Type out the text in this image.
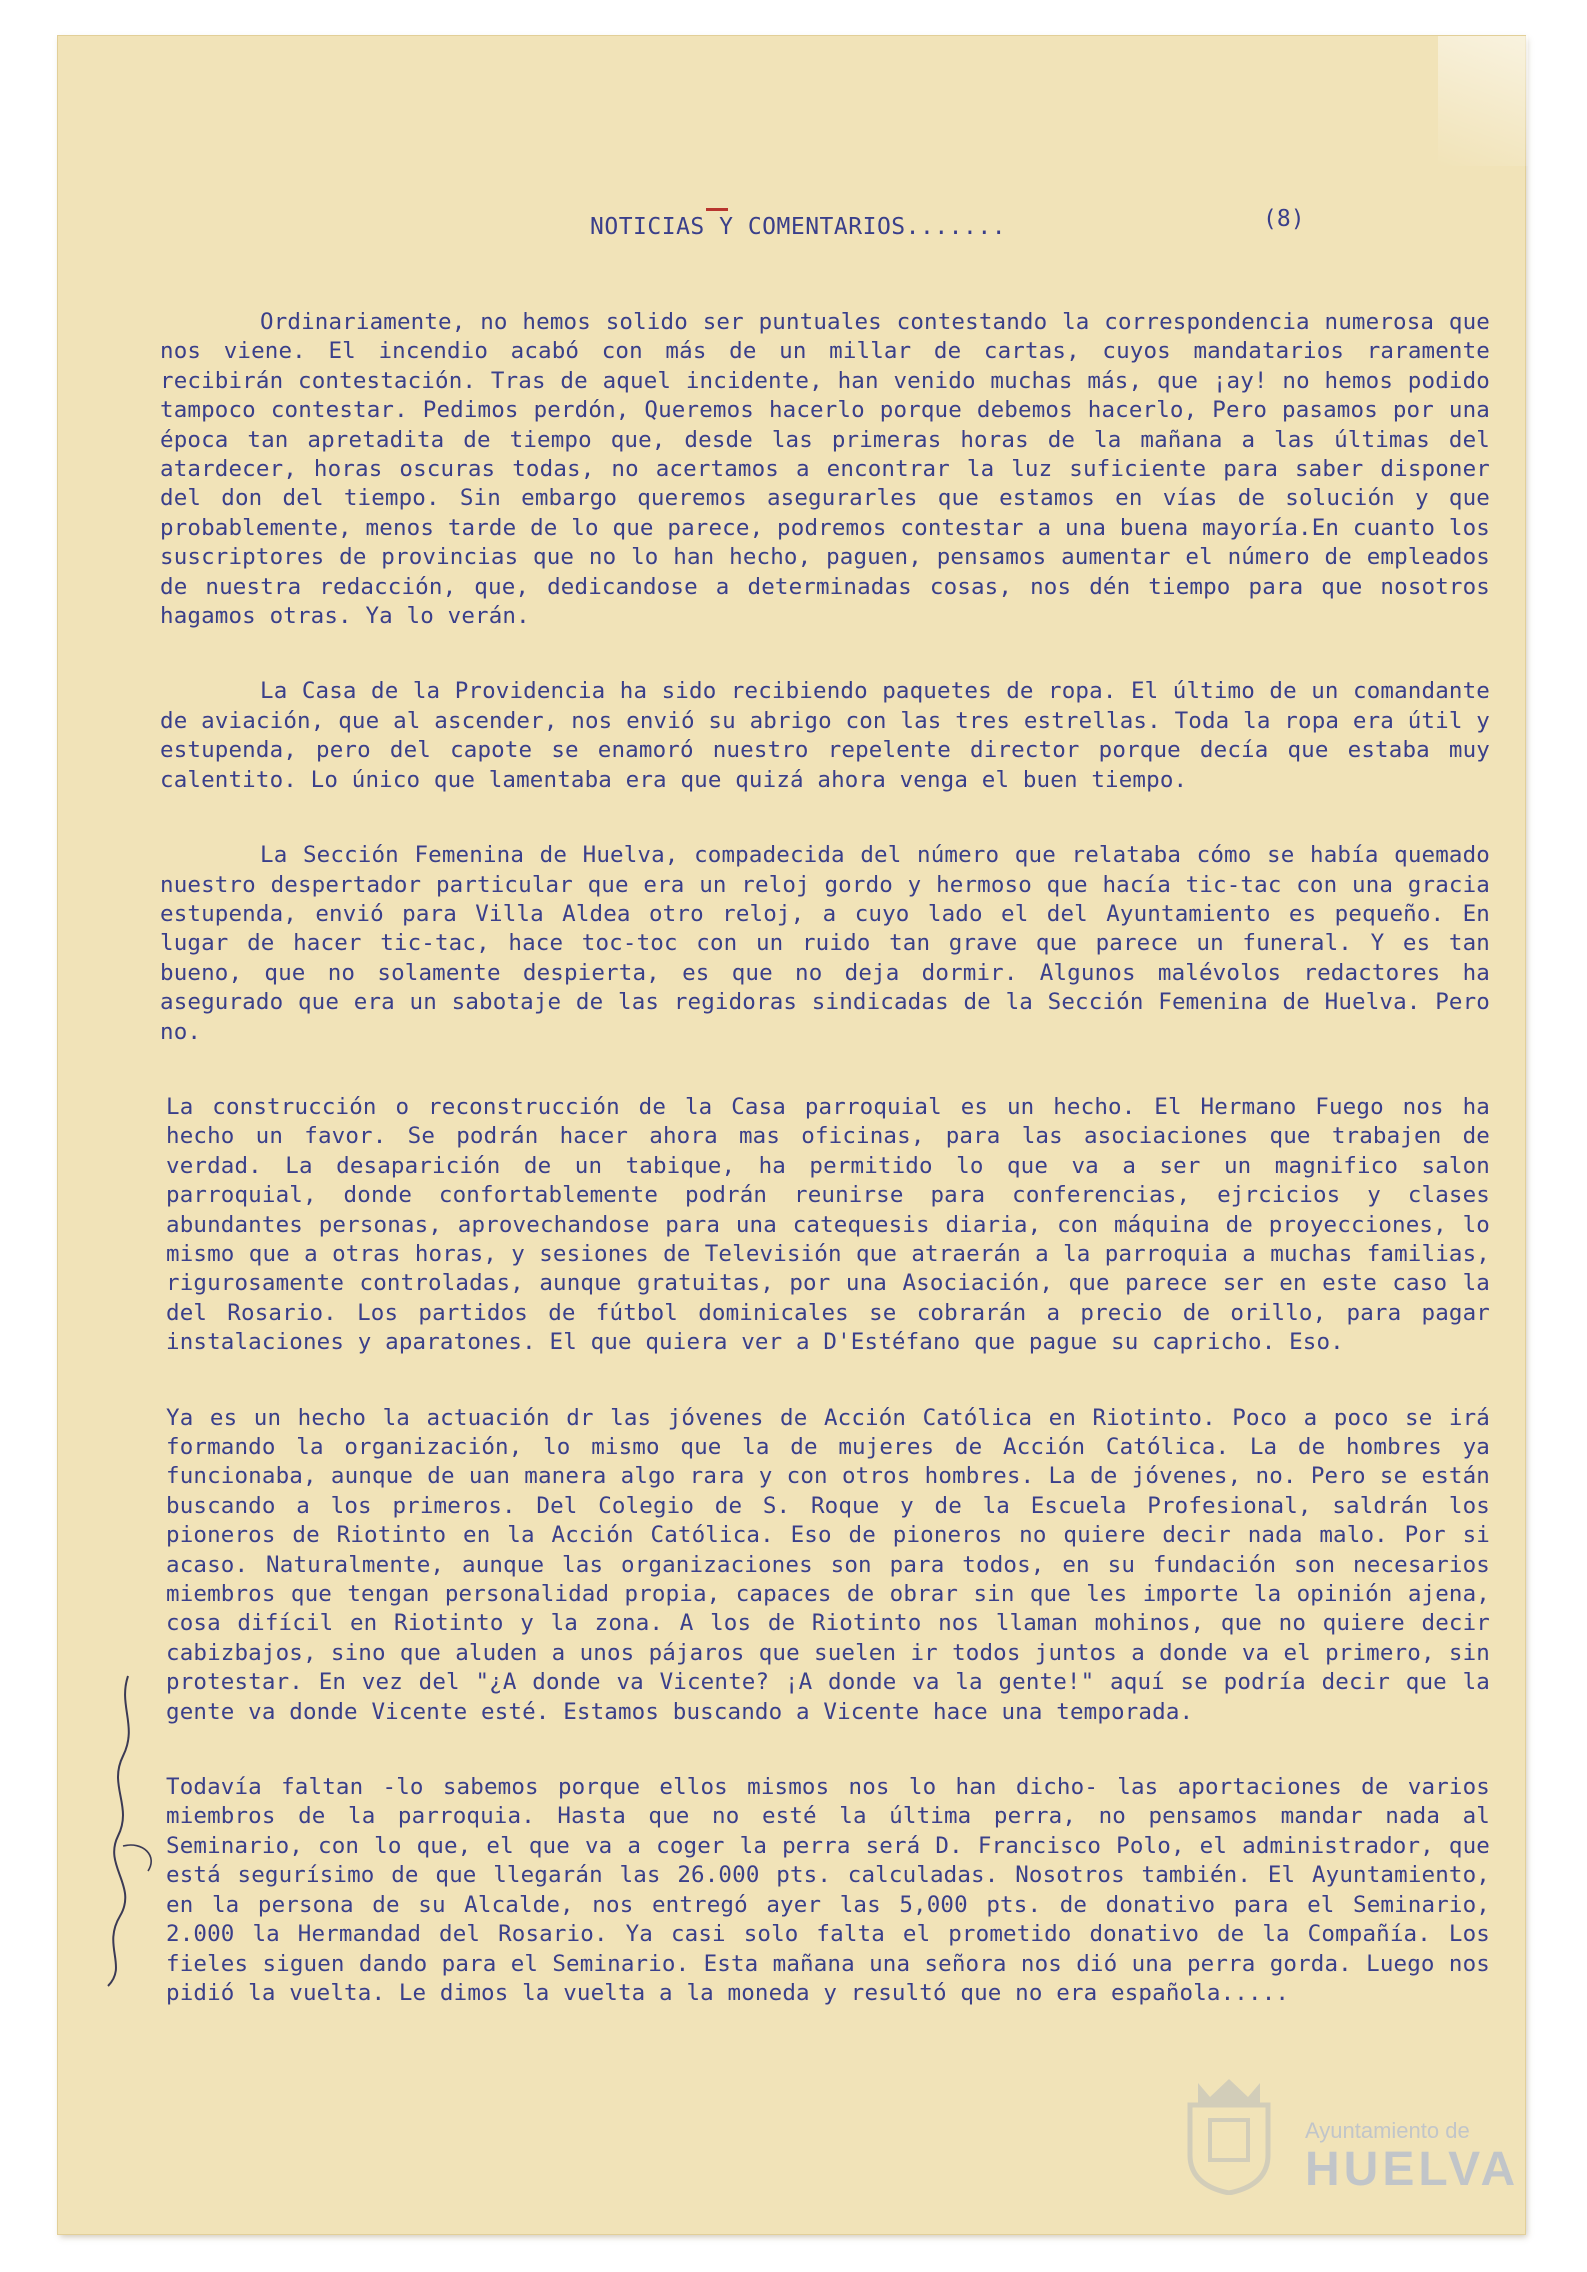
NOTICIAS Y COMENTARIOS.......	(8)

Ordinariamente, no hemos solido ser puntuales contestando la correspondencia numerosa que nos viene. El incendio acabó con más de un millar de cartas, cuyos mandatarios raramente recibirán contestación. Tras de aquel incidente, han venido muchas más, que ¡ay! no hemos podido tampoco contestar. Pedimos perdón, Queremos hacerlo porque debemos hacerlo, Pero pasamos por una época tan apretadita de tiempo que, desde las primeras horas de la mañana a las últimas del atardecer, horas oscuras todas, no acertamos a encontrar la luz suficiente para saber disponer del don del tiempo. Sin embargo queremos asegurarles que estamos en vías de solución y que probablemente, menos tarde de lo que parece, podremos contestar a una buena mayoría.En cuanto los suscriptores de provincias que no lo han hecho, paguen, pensamos aumentar el número de empleados de nuestra redacción, que, dedicandose a determinadas cosas, nos dén tiempo para que nosotros hagamos otras. Ya lo verán.

La Casa de la Providencia ha sido recibiendo paquetes de ropa. El último de un comandante de aviación, que al ascender, nos envió su abrigo con las tres estrellas. Toda la ropa era útil y estupenda, pero del capote se enamoró nuestro repelente director porque decía que estaba muy calentito. Lo único que lamentaba era que quizá ahora venga el buen tiempo.

La Sección Femenina de Huelva, compadecida del número que relataba cómo se había quemado nuestro despertador particular que era un reloj gordo y hermoso que hacía tic-tac con una gracia estupenda, envió para Villa Aldea otro reloj, a cuyo lado el del Ayuntamiento es pequeño. En lugar de hacer tic-tac, hace toc-toc con un ruido tan grave que parece un funeral. Y es tan bueno, que no solamente despierta, es que no deja dormir. Algunos malévolos redactores ha asegurado que era un sabotaje de las regidoras sindicadas de la Sección Femenina de Huelva. Pero no.

La construcción o reconstrucción de la Casa parroquial es un hecho. El Hermano Fuego nos ha hecho un favor. Se podrán hacer ahora mas oficinas, para las asociaciones que trabajen de verdad. La desaparición de un tabique, ha permitido lo que va a ser un magnifico salon parroquial, donde confortablemente podrán reunirse para conferencias, ejrcicios y clases abundantes personas, aprovechandose para una catequesis diaria, con máquina de proyecciones, lo mismo que a otras horas, y sesiones de Televisión que atraerán a la parroquia a muchas familias, rigurosamente controladas, aunque gratuitas, por una Asociación, que parece ser en este caso la del Rosario. Los partidos de fútbol dominicales se cobrarán a precio de orillo, para pagar instalaciones y aparatones. El que quiera ver a D'Estéfano que pague su capricho. Eso.

Ya es un hecho la actuación dr las jóvenes de Acción Católica en Riotinto. Poco a poco se irá formando la organización, lo mismo que la de mujeres de Acción Católica. La de hombres ya funcionaba, aunque de uan manera algo rara y con otros hombres. La de jóvenes, no. Pero se están buscando a los primeros. Del Colegio de S. Roque y de la Escuela Profesional, saldrán los pioneros de Riotinto en la Acción Católica. Eso de pioneros no quiere decir nada malo. Por si acaso. Naturalmente, aunque las organizaciones son para todos, en su fundación son necesarios miembros que tengan personalidad propia, capaces de obrar sin que les importe la opinión ajena, cosa difícil en Riotinto y la zona. A los de Riotinto nos llaman mohinos, que no quiere decir cabizbajos, sino que aluden a unos pájaros que suelen ir todos juntos a donde va el primero, sin protestar. En vez del "¿A donde va Vicente? ¡A donde va la gente!" aquí se podría decir que la gente va donde Vicente esté. Estamos buscando a Vicente hace una temporada.

Todavía faltan -lo sabemos porque ellos mismos nos lo han dicho- las aportaciones de varios miembros de la parroquia. Hasta que no esté la última perra, no pensamos mandar nada al Seminario, con lo que, el que va a coger la perra será D. Francisco Polo, el administrador, que está segurísimo de que llegarán las 26.000 pts. calculadas. Nosotros también. El Ayuntamiento, en la persona de su Alcalde, nos entregó ayer las 5,000 pts. de donativo para el Seminario, 2.000 la Hermandad del Rosario. Ya casi solo falta el prometido donativo de la Compañía. Los fieles siguen dando para el Seminario. Esta mañana una señora nos dió una perra gorda. Luego nos pidió la vuelta. Le dimos la vuelta a la moneda y resultó que no era española.....

Ayuntamiento de
HUELVA
